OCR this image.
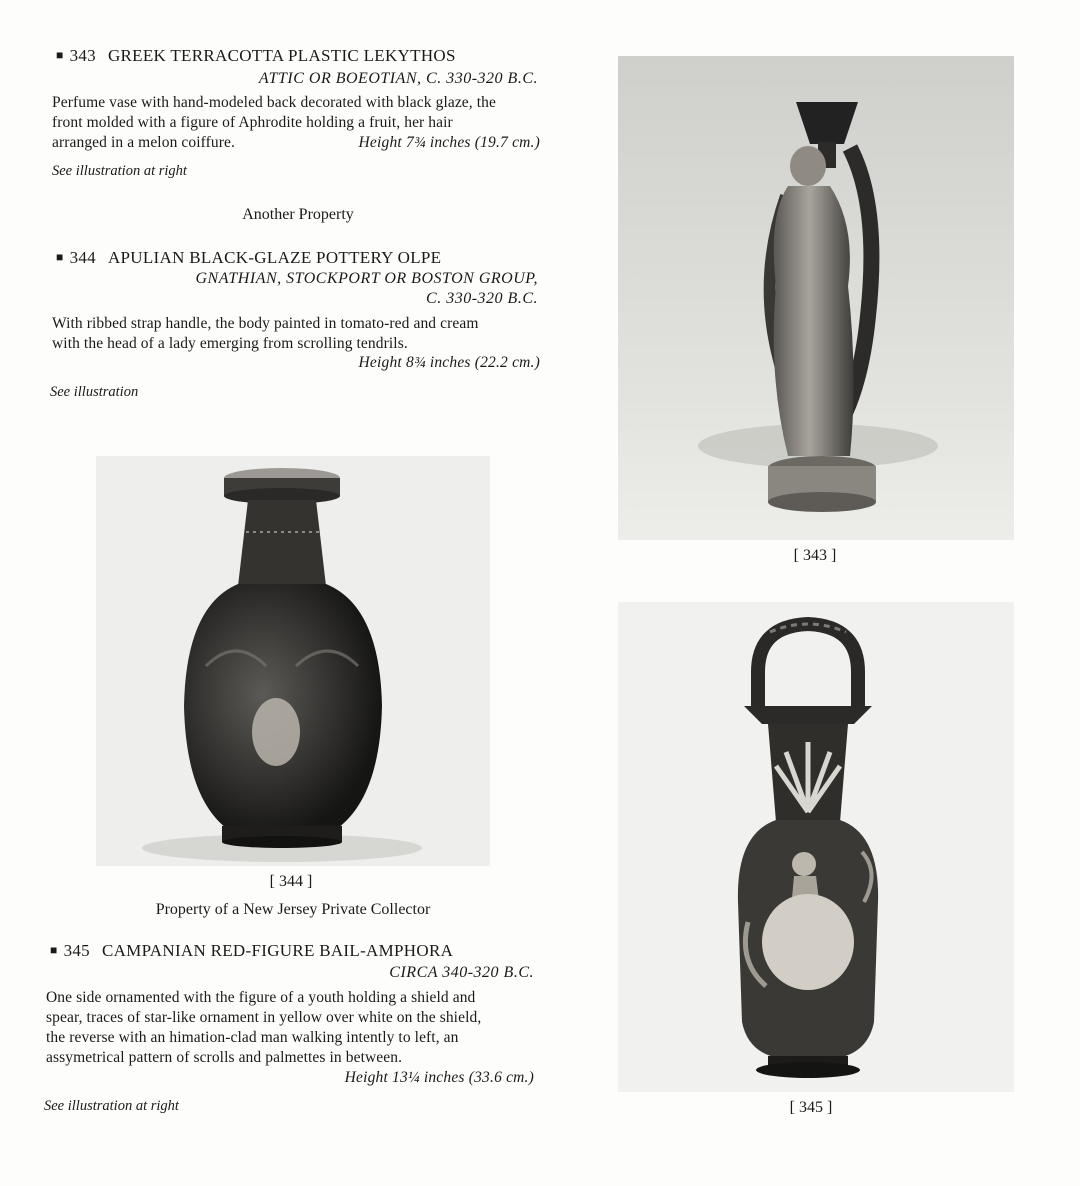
■ 343 GREEK TERRACOTTA PLASTIC LEKYTHOS
ATTIC OR BOEOTIAN, C. 330-320 B.C.
Perfume vase with hand-modeled back decorated with black glaze, the
front molded with a figure of Aphrodite holding a fruit, her hair
arranged in a melon coiffure.	Height 7¾ inches (19.7 cm.)
See illustration at right
Another Property
■ 344 APULIAN BLACK-GLAZE POTTERY OLPE
GNATHIAN, STOCKPORT OR BOSTON GROUP,
C. 330-320 B.C.
With ribbed strap handle, the body painted in tomato-red and cream
with the head of a lady emerging from scrolling tendrils.
Height 8¾ inches (22.2 cm.)
See illustration
[ 343 ]
[ 344 ]
Property of a New Jersey Private Collector
■ 345 CAMPANIAN RED-FIGURE BAIL-AMPHORA
CIRCA 340-320 B.C.
One side ornamented with the figure of a youth holding a shield and
spear, traces of star-like ornament in yellow over white on the shield,
the reverse with an himation-clad man walking intently to left, an
assymetrical pattern of scrolls and palmettes in between.
Height 13¼ inches (33.6 cm.)
See illustration at right	[ 345 ]
